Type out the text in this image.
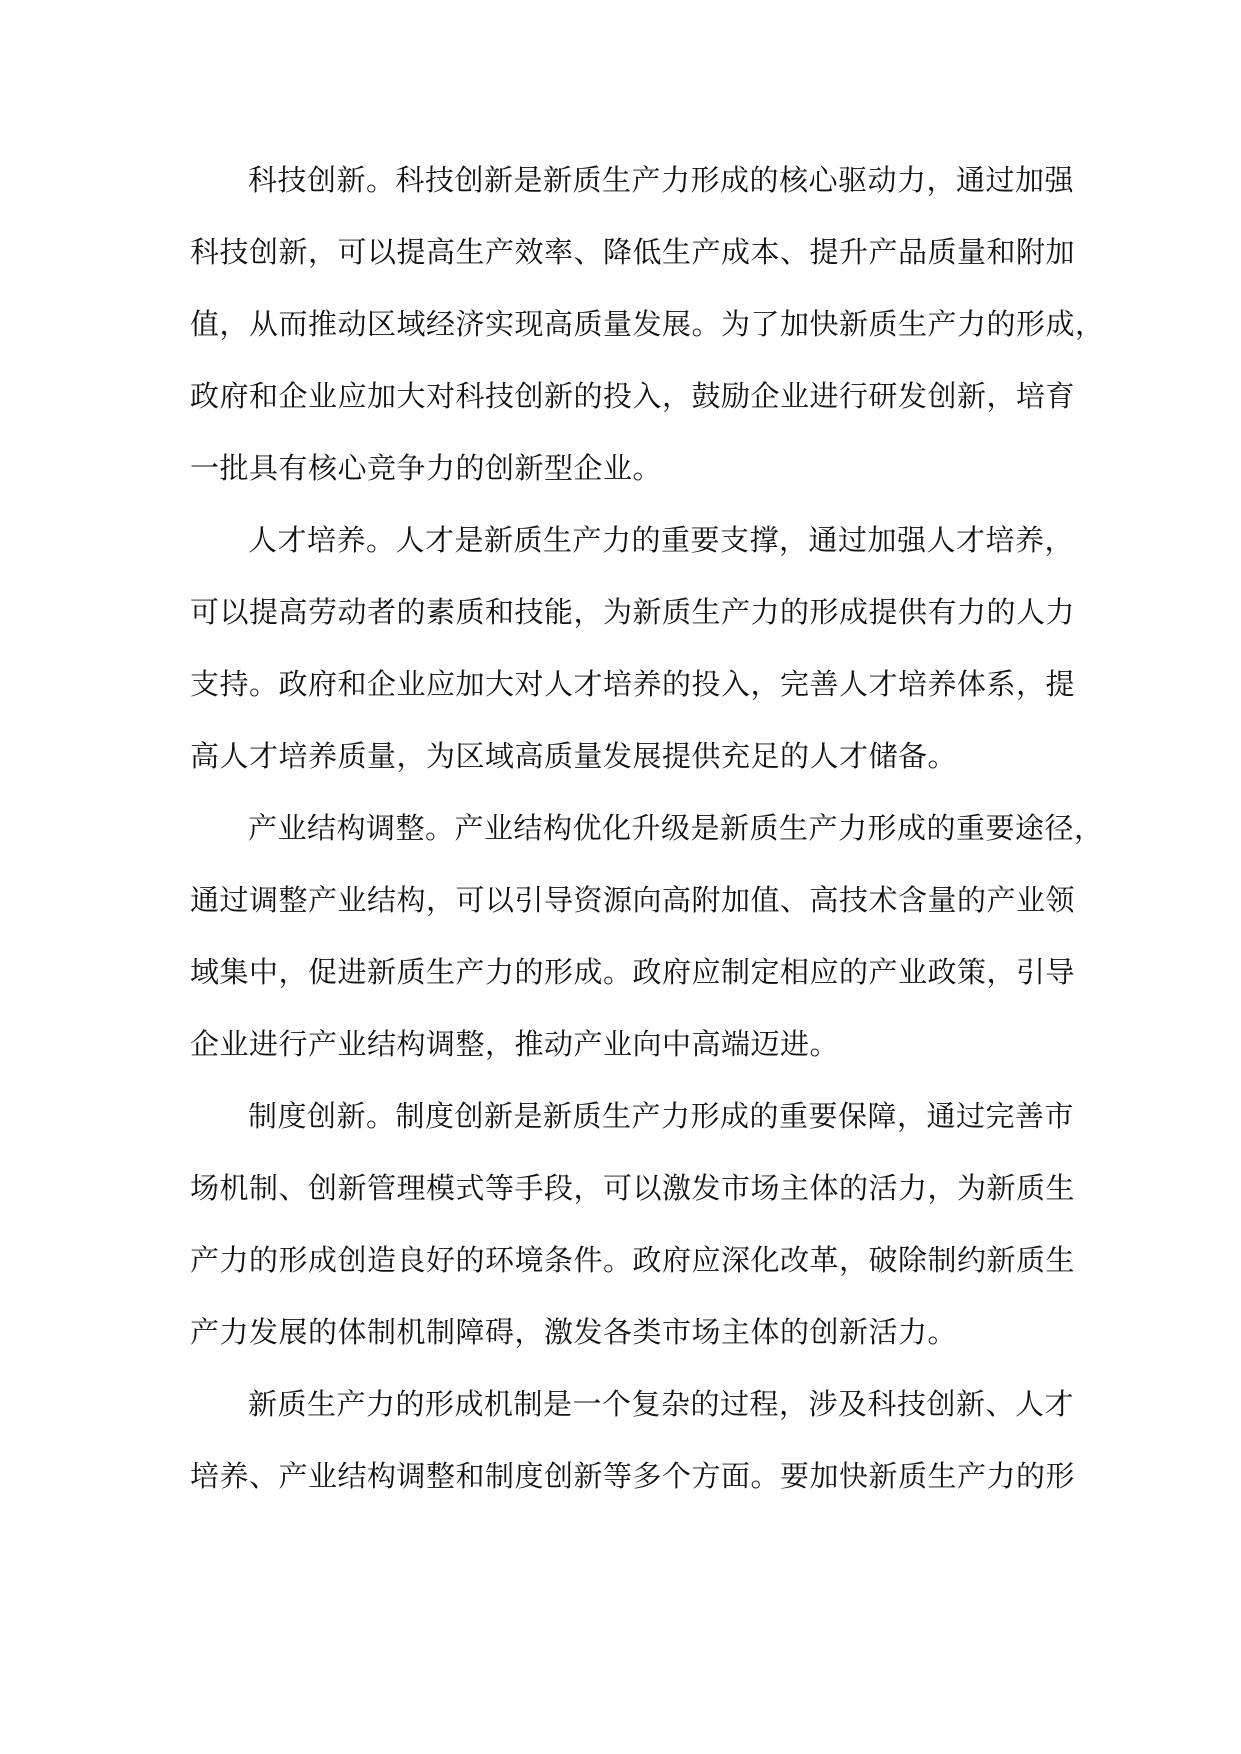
科技创新。科技创新是新质生产力形成的核心驱动力，通过加强
科技创新，可以提高生产效率、降低生产成本、提升产品质量和附加
值，从而推动区域经济实现高质量发展。为了加快新质生产力的形成，
政府和企业应加大对科技创新的投入，鼓励企业进行研发创新，培育
一批具有核心竞争力的创新型企业。
人才培养。人才是新质生产力的重要支撑，通过加强人才培养，
可以提高劳动者的素质和技能，为新质生产力的形成提供有力的人力
支持。政府和企业应加大对人才培养的投入，完善人才培养体系，提
高人才培养质量，为区域高质量发展提供充足的人才储备。
产业结构调整。产业结构优化升级是新质生产力形成的重要途径，
通过调整产业结构，可以引导资源向高附加值、高技术含量的产业领
域集中，促进新质生产力的形成。政府应制定相应的产业政策，引导
企业进行产业结构调整，推动产业向中高端迈进。
制度创新。制度创新是新质生产力形成的重要保障，通过完善市
场机制、创新管理模式等手段，可以激发市场主体的活力，为新质生
产力的形成创造良好的环境条件。政府应深化改革，破除制约新质生
产力发展的体制机制障碍，激发各类市场主体的创新活力。
新质生产力的形成机制是一个复杂的过程，涉及科技创新、人才
培养、产业结构调整和制度创新等多个方面。要加快新质生产力的形
